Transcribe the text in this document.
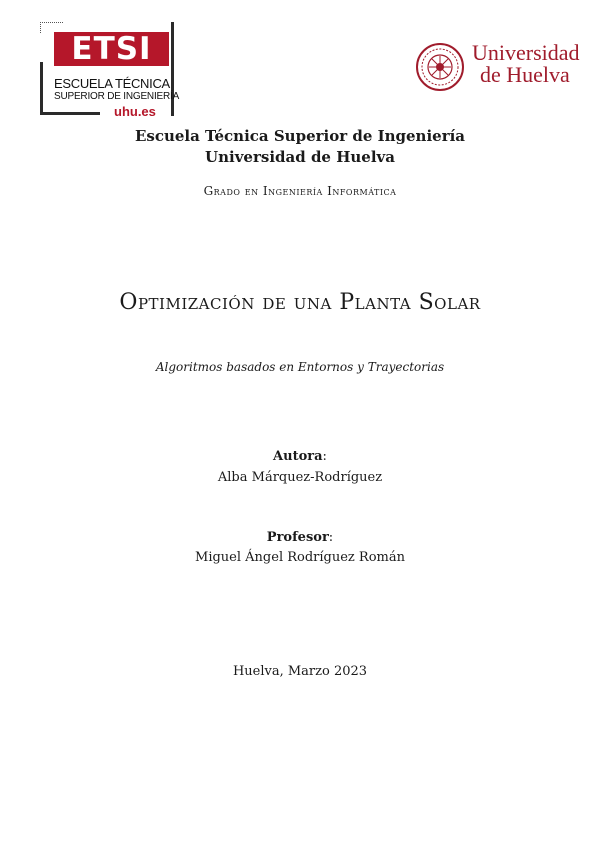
ETSI
ESCUELA TÉCNICA
SUPERIOR DE INGENIERÍA
uhu.es
Universidad
de Huelva
Escuela Técnica Superior de Ingeniería
Universidad de Huelva
Grado en Ingeniería Informática
Optimización de una Planta Solar
Algoritmos basados en Entornos y Trayectorias
Autora:
Alba Márquez-Rodríguez
Profesor:
Miguel Ángel Rodríguez Román
Huelva, Marzo 2023
